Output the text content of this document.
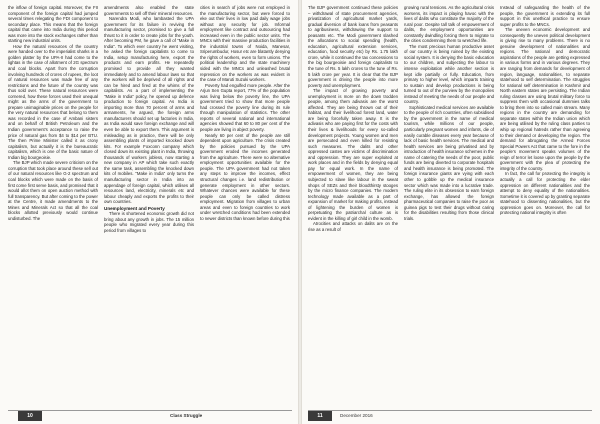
the inflow of foreign capital. Moreover, the FII component of the foreign capital had jumped several times relegating the FDI component to secondary place. This means that the foreign capital that came into India during this period was more into the stock exchanges rather than starting new industrial units.

How the natural resources of the country were handed over to the imperialist sharks in a golden platter by the UPA-II had come to the lightas in the case of allotment of 2G spectrum and coal blocks. Apart from the corruption involving hundreds of crores of rupees, the loot of natural resources was made free of any restrictions and the future of the country was thus sold over. These natural resources were cornered, how these forces used their unequal might as the arms of the government to prepare unimaginable prices on the people for the very natural resources that belong to them was recorded in the case of Ambani sisters and on behalf of British Petroleum and the Indian government's acceptance to raise the price of natural gas from $4 to $14 per BTU. The then Prime Minister called it as crony capitalism, but actually it is the bureaucratic capitalism, which is one of the basic nature of Indian big bourgeoisie.

The BJP which made severe criticism on the corruption that took place around these sell out of our natural resources like G-2 spectrum and coal blocks which were made on the basis of first come first serve basis, and promised that it would allot them on open auction method with full transparency. But after coming to the power at the Centre, it made amendments to the Mines and Minerals Act so that all the coal blocks allotted previously would continue undisturbed. The

amendments also enabled the state governments to sell off their mineral resources.

Narendra Modi, who lambasted the UPA government for its failure in reviving the manufacturing sector, promised to give a full thrust to it in order to create jobs for the youth. After becoming PM, he gave a call of "Make in India". To which ever country he went visiting, he asked the foreign capitalists to come to India, setup manufacturing here, export the products and earn profits. He repeatedly promised to provide all they wanted immediately and to amend labour laws so that the workers will be deprived of all rights and can be hired and fired at the whims of the capitalists. As a part of implementing the "Make in India" policy, he opened up defence production to foreign capital. As India is importing more than 70 percent of arms and armaments, he argued, the foreign arms manufacturers should set up factories in India, as India would save foreign exchange and will even be able to export them. This argument is misleading as in practice, there will be only assembling plants of imported knocked down kits. For example Foxconn company which closed down its existing plant in India, throwing thousands of workers jobless, now starting a new company in AP which take such exactly the same task, assembling the knocked down kits of mobiles. "Make in India" only turns the manufacturing sector in India into an appendage of foreign capital, which utilises all resources land, electricity, minerals etc and labour cheaply and exports the profits to their own countries.

Unemployment and Poverty

There is shortened economic growth did not bring about any growth in jobs. The 15 million people who migrated every year during this period from villages to

cities in search of jobs were not employed in the manufacturing sector, but were forced to eke out their lives in low paid daily wage jobs without any security for job. Informal employment like contract and outsourcing had increased even in the public sector units. The MNCs with their massive production facilities in the industrial towns of Noida, Manesar, Sriperumbudur, Hosur etc are blatantly denying the rights of workers, even to form unions. The political leadership and the state machinery sided with the MNCs and unleashed brutal repression on the workers as was evident in the case of Maruti Suzuki workers.

Poverty had engulfed more people. After the Arjun Sen Gupta report, 77% of the population was living below the poverty line, the UPA government tried to show that more people had crossed the poverty line during its rule through manipulation of statistics. The other reports of several national and international agencies showed that 60 to 80 per cent of the people are living in abject poverty.

Nearly 60 per cent of the people are still dependent upon agriculture. The crisis created by the policies pursued by the UPA government eroded the incomes generated from the agriculture. There were no alternative employment opportunities available for the people. The UPA government had not taken any steps to improve the incomes, effect structural changes i.e. land redistribution or generate employment in other sectors. Whatever chances were available for these people can only be called distress employment. Migration from villages to urban areas and even to foreign countries to work under wretched conditions had been extended to newer districts than known before during this

10	Class Struggle

The BJP government continued these policies – withdrawal of state procurement agencies, privatization of agricultural market yards, gradual diversion of bank loans from peasants to agribusiness, withdrawing the support to peasants etc. The Modi government slashed the allocations to social spending (health, education, agricultural extension services, education, food security etc) by Rs. 1.75 lakh crore, while it continued the tax concessions to the big bourgeoisie and foreign capitalists to the tune of Rs. 5 lakh crores to the tune of Rs. 5 lakh crore per year. It is clear that the BJP government is driving the people into more poverty and unemployment.

The impact of growing poverty and unemployment is more on the down trodden people, among them adivasis are the worst affected. They are being thrown out of their habitat, and their livelihood forest land, water are being forcefully taken away. It is the adivasis who are paying first for the costs with their lives & livelihoods for every so-called development projects. Young women and men are persecuted and even killed for resisting such measures. The dalits and other oppressed castes are victims of discrimination and oppression. They are super exploited at work places and in the fields by denying equal pay for equal work. In the name of empowerment of women, they are being subjected to slave like labour in the sweat shops of SEZs and their bloodthirsty stooges by the micro finance companies. The modern technology made available as a part of expansion of market for making profits, instead of lightening the burden of women is perpetuating the patriarchal culture as is evident in the killing of girl child in the womb.

Atrocities and attacks on dalits are on the rise as a result of

growing rural tensions. As the agricultural crisis worsens, its impact is playing havoc with the lives of dalits who constitute the majority of the rural poor. Despite tall talk of empowerment of dalits, the employment opportunities are constantly dwindling forcing them to migrate to the cities condemning them to wretched life.

The most precious human productive asset of our country is being ruined by the existing social system. It is denying the basic education to our children, and subjecting the labour to intense exploitation while another section is kept idle partially or fully. Education, from primary to higher level, which imparts training to sustain and develop productions is being turned to out of the purview by the monopolies instead of meeting the needs of our people and country.

Sophisticated medical services are available to the people of rich countries, often subsidised by the government in the name of medical tourism, while millions of our people, particularly pregnant women and infants, die of easily curable diseases every year because of lack of basic health services. The medical and health services are being privatised and by introduction of health insurance schemes in the name of catering the needs of the poor, public funds are being diverted to corporate hospitals and health insurance is being promoted. The foreign insurance giants are vying with each other to gobble up the medical insurance sector which was made into a lucrative trade. The ruling elite in its obsession to earn foreign exchange, has allowed the foreign pharmaceutical companies to raise the poor as guinea pigs to test their drugs without caring for the disabilities resulting from those clinical trials.

Instead of safeguarding the health of the people, the government is extending its full support in this unethical practice to ensure super profits to the MNCs.

The uneven economic development and consequently the uneven political development is giving rise to many problems. There is no genuine development of nationalities and regions. The national and democratic aspirations of the people are getting expressed in various forms and in various degrees. They are ranging from demands for development of region, language, nationalities, to separate statehood to self determination. The struggles for national self determination in Kashmir and North eastern states are persisting. The Indian ruling classes are using brutal military force to suppress them with occasional dummies talks to bring them into so called main stream. Many regions in the country are demanding for separate states within the Indian union which are being utilised by the ruling class parties to whip up regional hatreds rather than agreeing to their demand or developing the region. The demand for abrogating the Armed Forces Special Powers Act that came to the fore in the people's movement speaks volumes of the reign of terror let loose upon the people by the government with the plea of protecting the integrity of the country.

In fact, the call for protecting the integrity is actually a call for protecting the elder oppression on different nationalities and the attempt to deny equality of the nationalities. Sometime it is covered up by granting separate statehood to dissenting nationalities, but the oppression goes on. Moreover, the call for protecting national integrity is often

11	December 2016
